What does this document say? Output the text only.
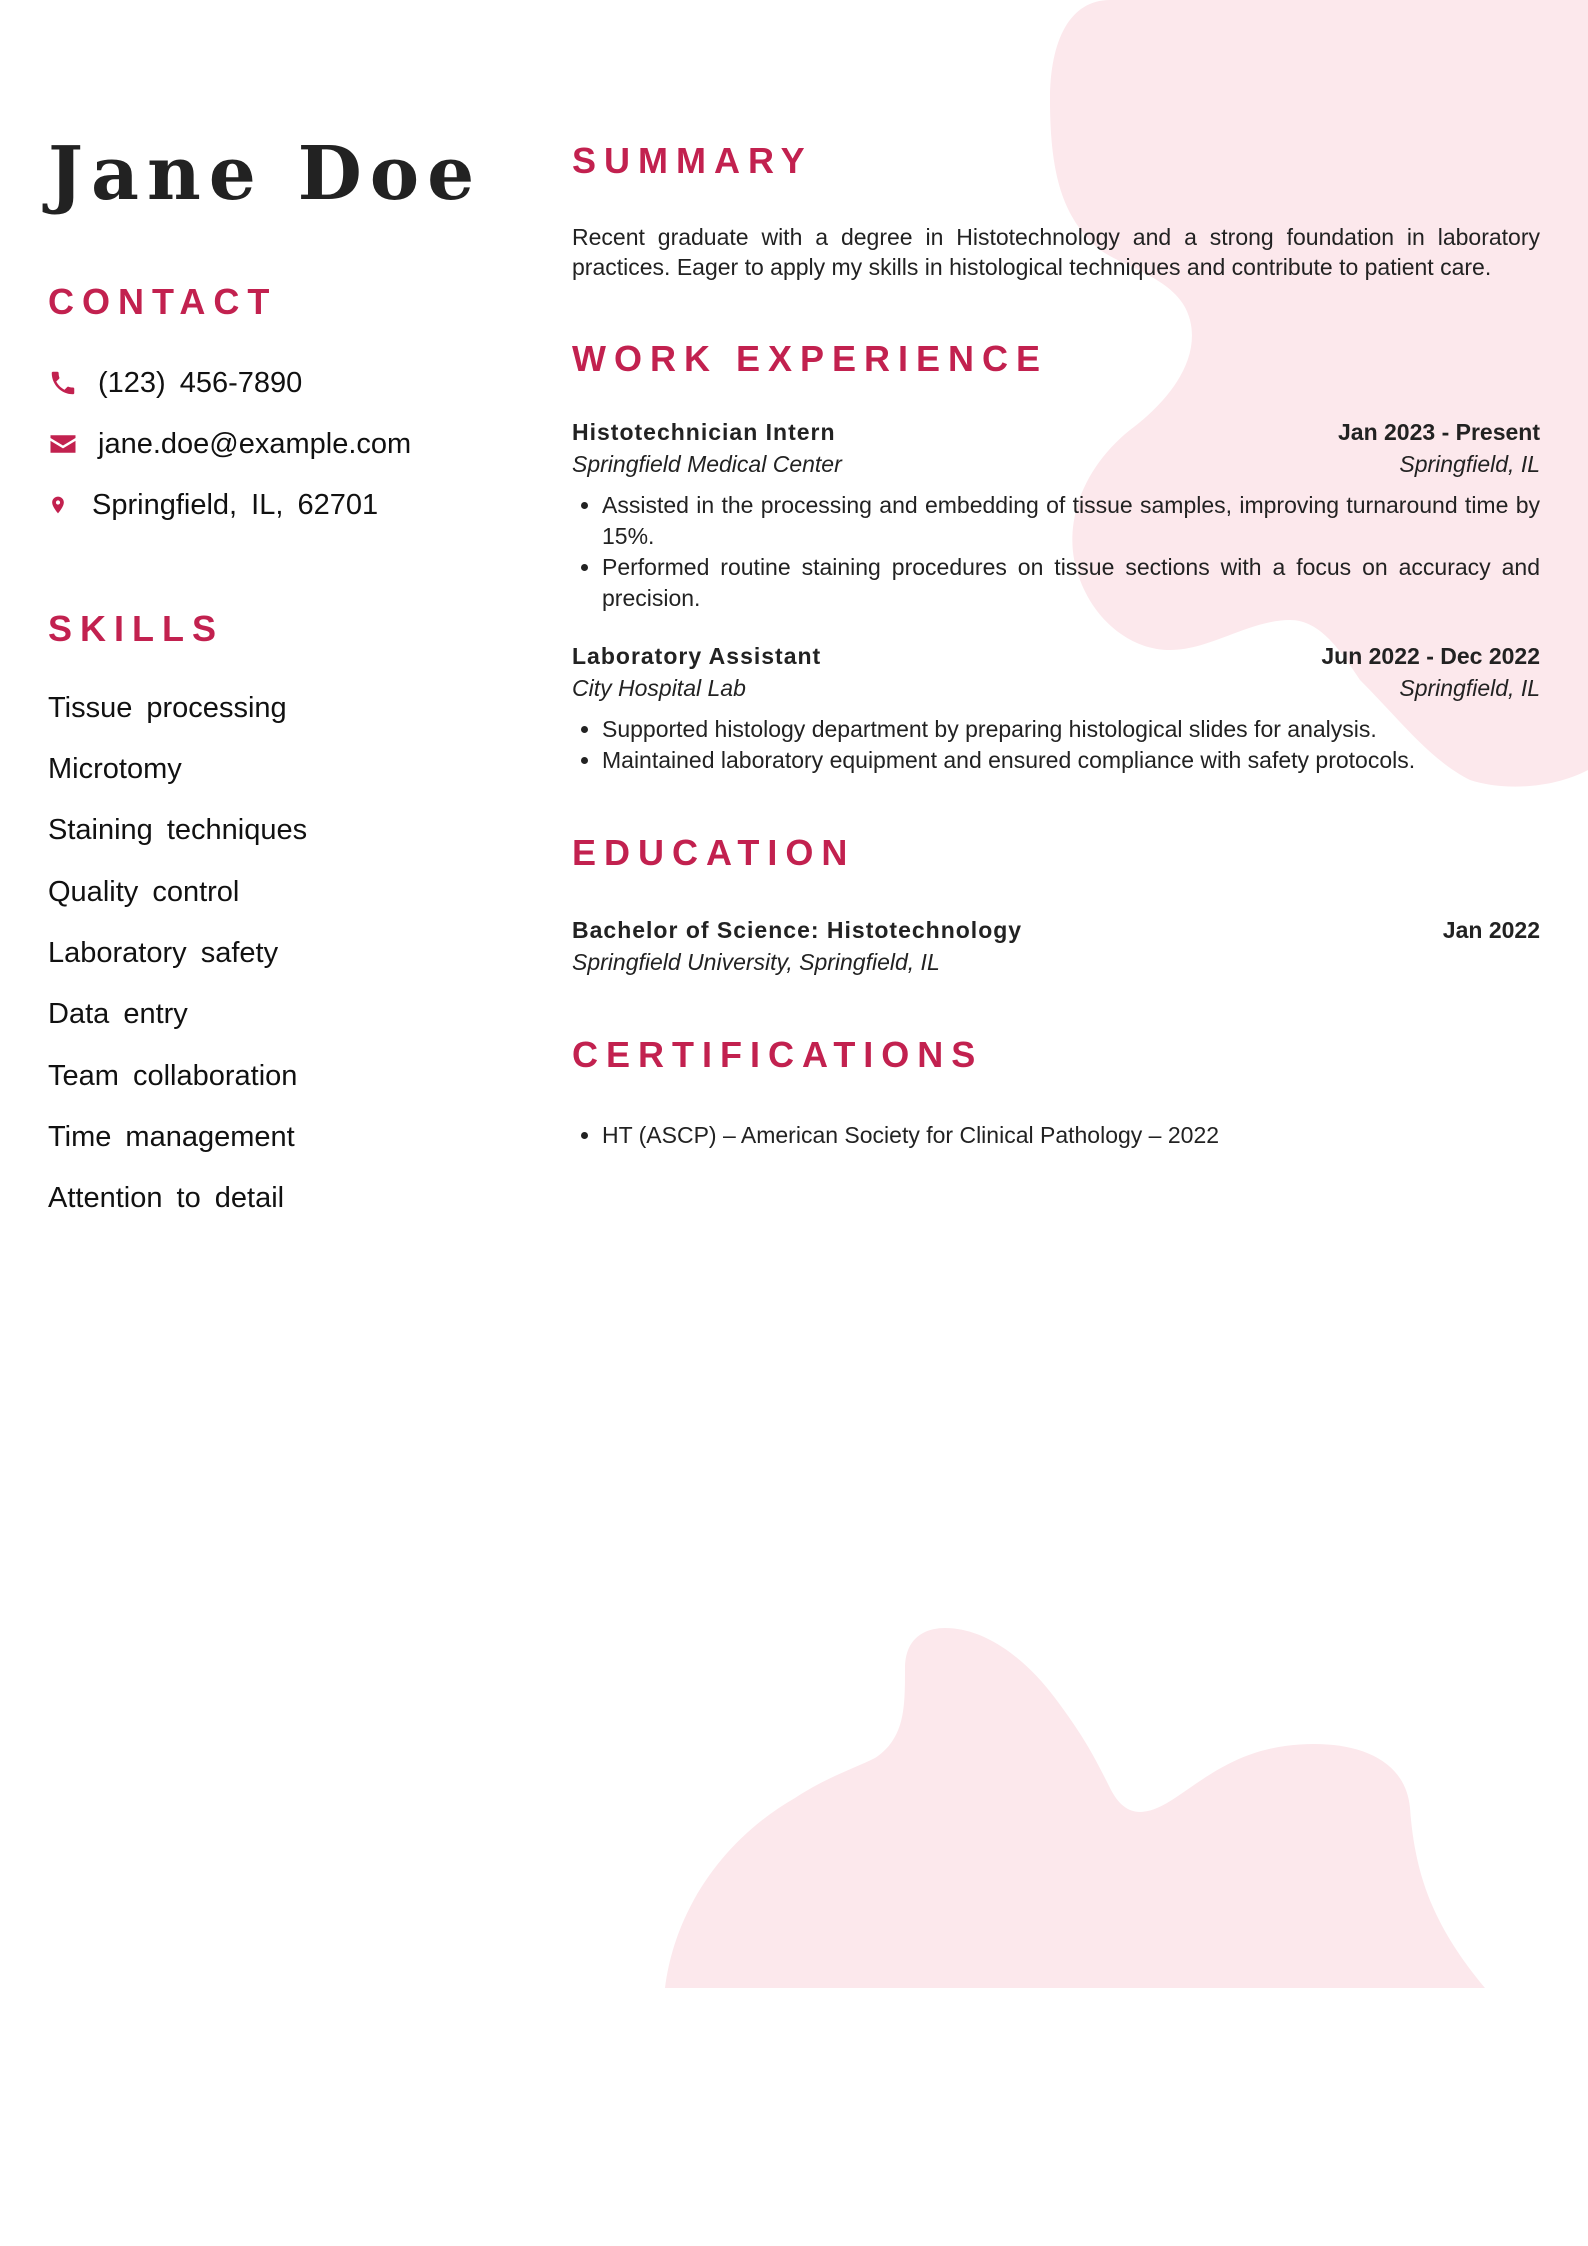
Jane Doe
CONTACT
(123) 456-7890
jane.doe@example.com
Springfield, IL, 62701
SKILLS
Tissue processing
Microtomy
Staining techniques
Quality control
Laboratory safety
Data entry
Team collaboration
Time management
Attention to detail
SUMMARY

Recent graduate with a degree in Histotechnology and a strong foundation in laboratory practices. Eager to apply my skills in histological techniques and contribute to patient care.

WORK EXPERIENCE
Histotechnician Intern	Jan 2023 - Present
Springfield Medical Center	Springfield, IL
• Assisted in the processing and embedding of tissue samples, improving turnaround time by 15%.
• Performed routine staining procedures on tissue sections with a focus on accuracy and precision.
Laboratory Assistant	Jun 2022 - Dec 2022
City Hospital Lab	Springfield, IL
• Supported histology department by preparing histological slides for analysis.
• Maintained laboratory equipment and ensured compliance with safety protocols.
EDUCATION
Bachelor of Science: Histotechnology	Jan 2022
Springfield University, Springfield, IL
CERTIFICATIONS
• HT (ASCP) – American Society for Clinical Pathology – 2022
